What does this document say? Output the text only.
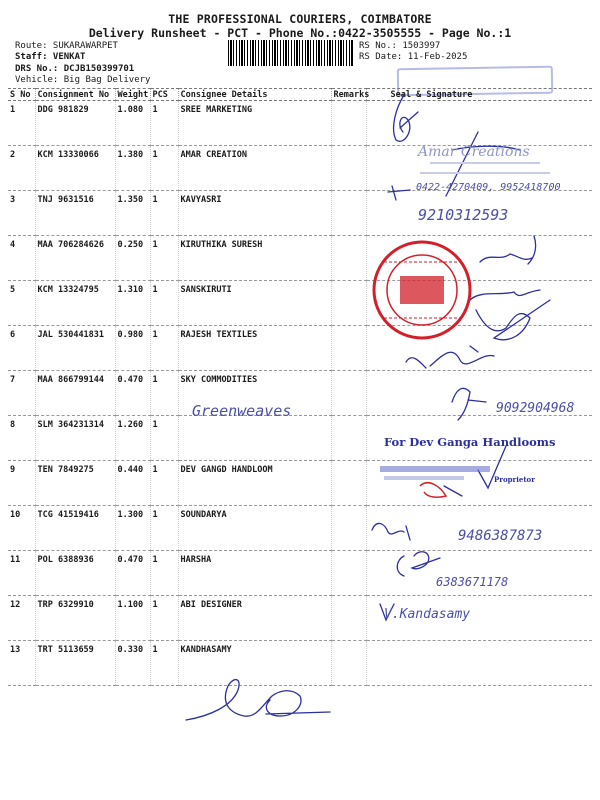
THE PROFESSIONAL COURIERS, COIMBATORE
Delivery Runsheet - PCT - Phone No.:0422-3505555 - Page No.:1
Route: SUKARAWARPET
Staff: VENKAT
DRS No.: DCJB150399701
Vehicle: Big Bag Delivery
RS No.: 1503997
RS Date: 11-Feb-2025

S No	Consignment No	Weight	PCS	Consignee Details	Remarks	Seal & Signature
1	DDG 981829	1.080	1	SREE MARKETING		
2	KCM 13330066	1.380	1	AMAR CREATION		
3	TNJ 9631516	1.350	1	KAVYASRI		
4	MAA 706284626	0.250	1	KIRUTHIKA SURESH		
5	KCM 13324795	1.310	1	SANSKIRUTI		
6	JAL 530441831	0.980	1	RAJESH TEXTILES		
7	MAA 866799144	0.470	1	SKY COMMODITIES		
8	SLM 364231314	1.260	1			
9	TEN 7849275	0.440	1	DEV GANGD HANDLOOM		
10	TCG 41519416	1.300	1	SOUNDARYA		
11	POL 6388936	0.470	1	HARSHA		
12	TRP 6329910	1.100	1	ABI DESIGNER		
13	TRT 5113659	0.330	1	KANDHASAMY		
Amar Creations
0422-4270409, 9952418700
9210312593
Greenweaves	9092904968
9486387873
6383671178
V.Kandasamy
For Dev Ganga Handlooms
Proprietor
